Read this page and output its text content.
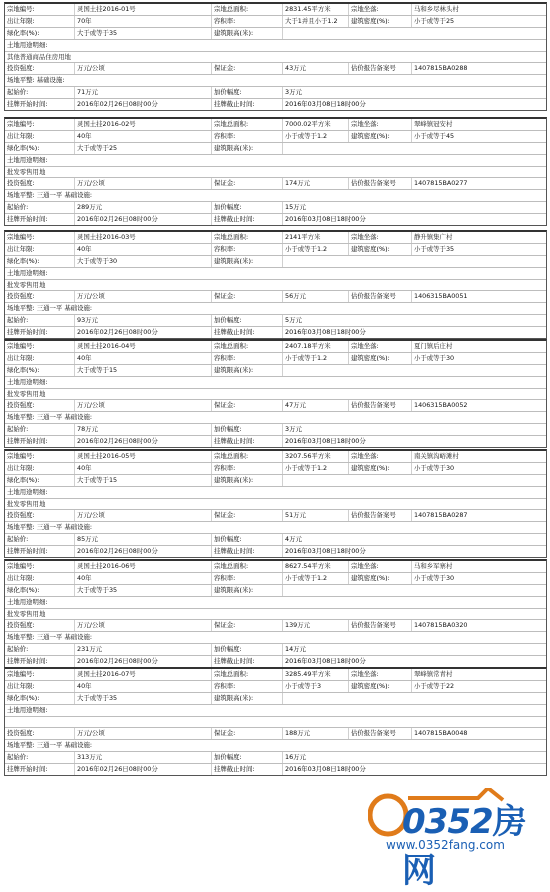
宗地编号:	灵国土挂2016-01号	宗地总面积:	2831.45平方米	宗地坐落:	马和乡尽林头村
出让年限:	70年	容积率:	大于1并且小于1.2	建筑密度(%):	小于或等于25
绿化率(%):	大于或等于35	建筑限高(米):
土地用途明细:
其他普通商品住房用地
投资强度:	万元/公顷	保证金:	43万元	估价报告备案号	1407815BA0288
场地平整: 基础设施:
起始价:	71万元	加价幅度:	3万元
挂牌开始时间:	2016年02月26日08时00分	挂牌截止时间:	2016年03月08日18时00分
宗地编号:	灵国土挂2016-02号	宗地总面积:	7000.02平方米	宗地坐落:	翠峰镇冠安村
出让年限:	40年	容积率:	小于或等于1.2	建筑密度(%):	小于或等于45
绿化率(%):	大于或等于25	建筑限高(米):
土地用途明细:
批发零售用地
投资强度:	万元/公顷	保证金:	174万元	估价报告备案号	1407815BA0277
场地平整: 三通一平 基础设施:
起始价:	289万元	加价幅度:	15万元
挂牌开始时间:	2016年02月26日08时00分	挂牌截止时间:	2016年03月08日18时00分
宗地编号:	灵国土挂2016-03号	宗地总面积:	2141平方米	宗地坐落:	静升镇集广村
出让年限:	40年	容积率:	小于或等于1.2	建筑密度(%):	小于或等于35
绿化率(%):	大于或等于30	建筑限高(米):
土地用途明细:
批发零售用地
投资强度:	万元/公顷	保证金:	56万元	估价报告备案号	1406315BA0051
场地平整: 三通一平 基础设施:
起始价:	93万元	加价幅度:	5万元
挂牌开始时间:	2016年02月26日08时00分	挂牌截止时间:	2016年03月08日18时00分
宗地编号:	灵国土挂2016-04号	宗地总面积:	2407.18平方米	宗地坐落:	夏门镇后庄村
出让年限:	40年	容积率:	小于或等于1.2	建筑密度(%):	小于或等于30
绿化率(%):	大于或等于15	建筑限高(米):
土地用途明细:
批发零售用地
投资强度:	万元/公顷	保证金:	47万元	估价报告备案号	1406315BA0052
场地平整: 三通一平 基础设施:
起始价:	78万元	加价幅度:	3万元
挂牌开始时间:	2016年02月26日08时00分	挂牌截止时间:	2016年03月08日18时00分
宗地编号:	灵国土挂2016-05号	宗地总面积:	3207.56平方米	宗地坐落:	南关镇沟峪滩村
出让年限:	40年	容积率:	小于或等于1.2	建筑密度(%):	小于或等于30
绿化率(%):	大于或等于15	建筑限高(米):
土地用途明细:
批发零售用地
投资强度:	万元/公顷	保证金:	51万元	估价报告备案号	1407815BA0287
场地平整: 三通一平 基础设施:
起始价:	85万元	加价幅度:	4万元
挂牌开始时间:	2016年02月26日08时00分	挂牌截止时间:	2016年03月08日18时00分
宗地编号:	灵国土挂2016-06号	宗地总面积:	8627.54平方米	宗地坐落:	马和乡军寨村
出让年限:	40年	容积率:	小于或等于1.2	建筑密度(%):	小于或等于30
绿化率(%):	大于或等于35	建筑限高(米):
土地用途明细:
批发零售用地
投资强度:	万元/公顷	保证金:	139万元	估价报告备案号	1407815BA0320
场地平整: 三通一平 基础设施:
起始价:	231万元	加价幅度:	14万元
挂牌开始时间:	2016年02月26日08时00分	挂牌截止时间:	2016年03月08日18时00分
宗地编号:	灵国土挂2016-07号	宗地总面积:	3285.49平方米	宗地坐落:	翠峰镇常青村
出让年限:	40年	容积率:	小于或等于3	建筑密度(%):	小于或等于22
绿化率(%):	大于或等于35	建筑限高(米):
土地用途明细:
投资强度:	万元/公顷	保证金:	188万元	估价报告备案号	1407815BA0048
场地平整: 三通一平 基础设施:
起始价:	313万元	加价幅度:	16万元
挂牌开始时间:	2016年02月26日08时00分	挂牌截止时间:	2016年03月08日18时00分
0352房网
www.0352fang.com
